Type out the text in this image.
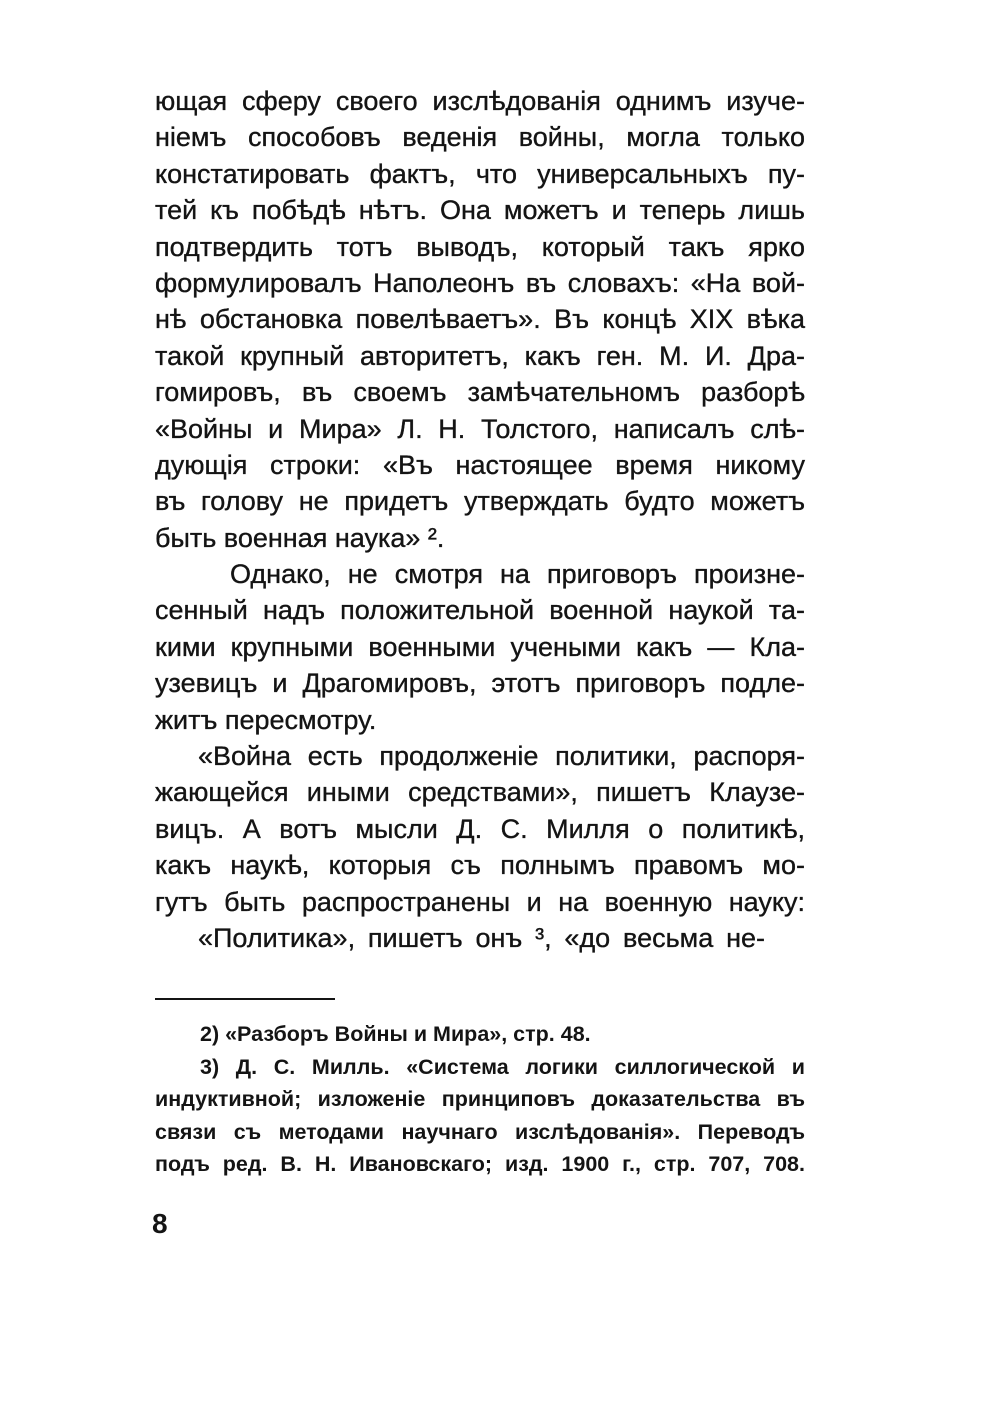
ющая сферу своего изслѣдованія однимъ изуче-
ніемъ способовъ веденія войны, могла только
констатировать фактъ, что универсальныхъ пу-
тей къ побѣдѣ нѣтъ. Она можетъ и теперь лишь
подтвердить тотъ выводъ, который такъ ярко
формулировалъ Наполеонъ въ словахъ: «На вой-
нѣ обстановка повелѣваетъ». Въ концѣ XIX вѣка
такой крупный авторитетъ, какъ ген. М. И. Дра-
гомировъ, въ своемъ замѣчательномъ разборѣ
«Войны и Мира» Л. Н. Толстого, написалъ слѣ-
дующія строки: «Въ настоящее время никому
въ голову не придетъ утверждать будто можетъ
быть военная наука» ².
Однако, не смотря на приговоръ произне-
сенный надъ положительной военной наукой та-
кими крупными военными учеными какъ — Кла-
узевицъ и Драгомировъ, этотъ приговоръ подле-
житъ пересмотру.
«Война есть продолженіе политики, распоря-
жающейся иными средствами», пишетъ Клаузе-
вицъ. А вотъ мысли Д. С. Милля о политикѣ,
какъ наукѣ, которыя съ полнымъ правомъ мо-
гутъ быть распространены и на военную науку:
«Политика», пишетъ онъ ³, «до весьма не-
2) «Разборъ Войны и Мира», стр. 48.
3) Д. С. Милль. «Система логики силлогической и
индуктивной; изложеніе принциповъ доказательства въ
связи съ методами научнаго изслѣдованія». Переводъ
подъ ред. В. Н. Ивановскаго; изд. 1900 г., стр. 707, 708.
8
